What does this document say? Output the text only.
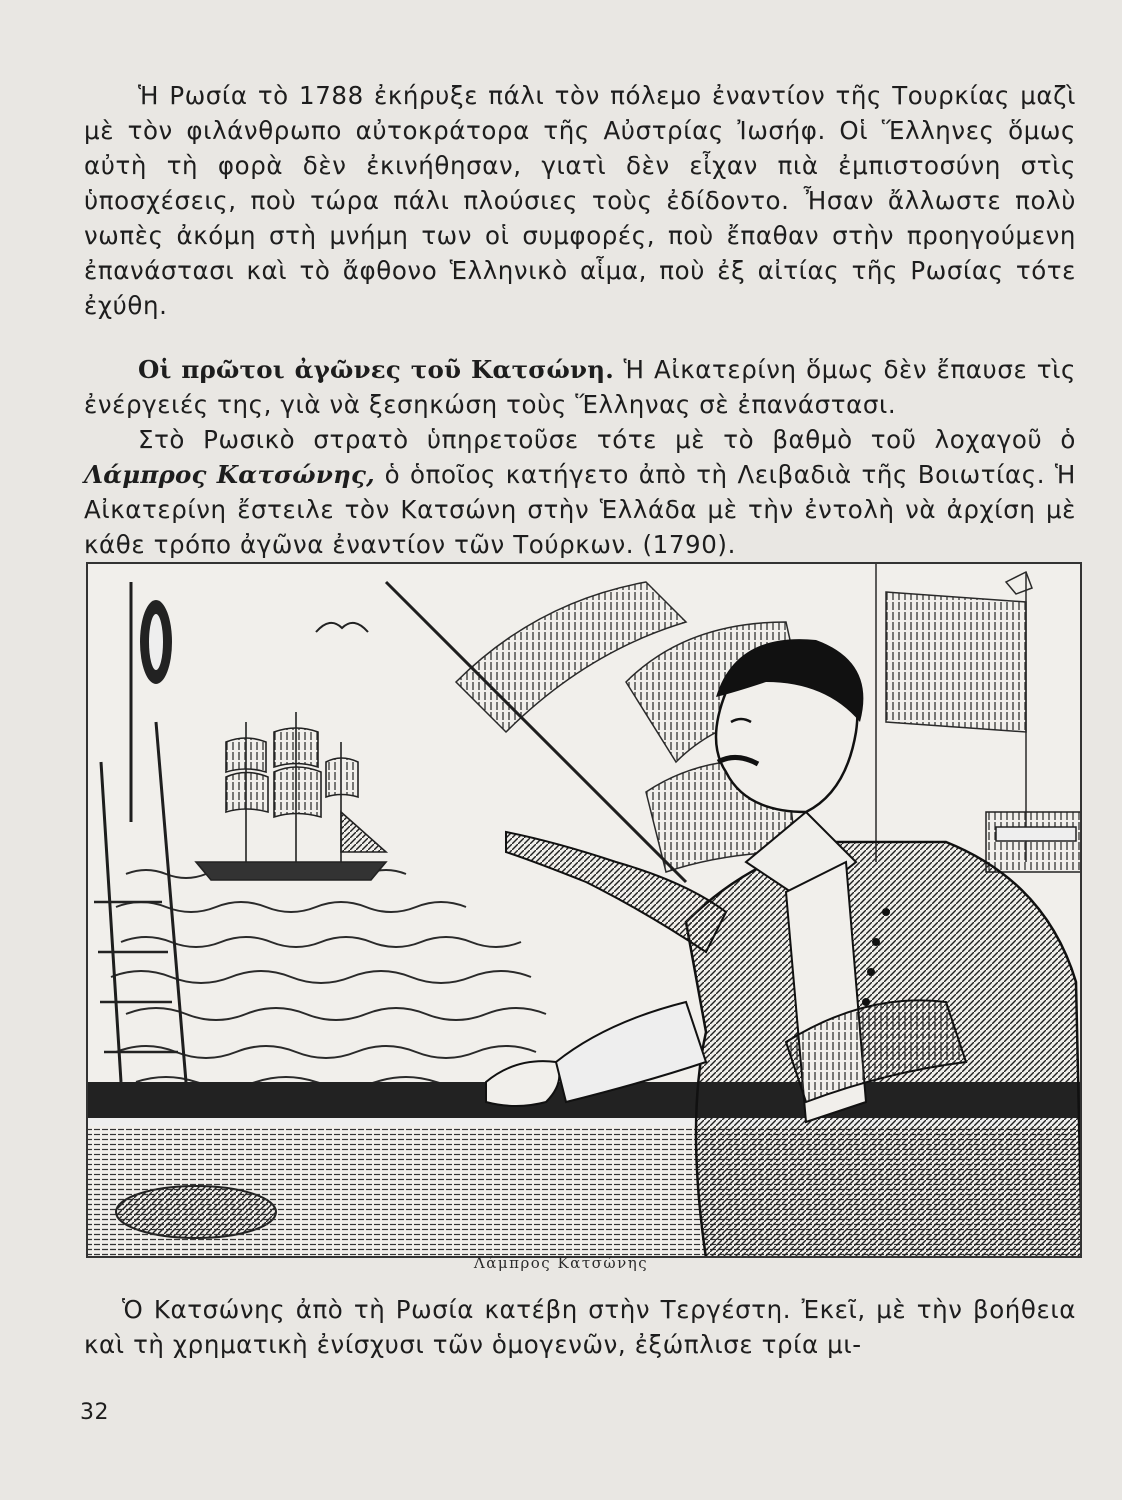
Ἡ Ρωσία τὸ 1788 ἐκήρυξε πάλι τὸν πόλεμο ἐναντίον τῆς Τουρκίας μαζὶ μὲ τὸν φιλάνθρωπο αὐτοκράτορα τῆς Αὐστρίας Ἰωσήφ. Οἱ Ἕλληνες ὅμως αὐτὴ τὴ φορὰ δὲν ἐκινήθησαν, γιατὶ δὲν εἶχαν πιὰ ἐμπιστοσύνη στὶς ὑποσχέσεις, ποὺ τώρα πάλι πλούσιες τοὺς ἐδίδοντο. Ἦσαν ἄλλωστε πολὺ νωπὲς ἀκόμη στὴ μνήμη των οἱ συμφορές, ποὺ ἔπαθαν στὴν προηγούμενη ἐπανάστασι καὶ τὸ ἄφθονο Ἑλληνικὸ αἷμα, ποὺ ἐξ αἰτίας τῆς Ρωσίας τότε ἐχύθη.

Οἱ πρῶτοι ἀγῶνες τοῦ Κατσώνη. Ἡ Αἰκατερίνη ὅμως δὲν ἔπαυσε τὶς ἐνέργειές της, γιὰ νὰ ξεσηκώση τοὺς Ἕλληνας σὲ ἐπανάστασι.

Στὸ Ρωσικὸ στρατὸ ὑπηρετοῦσε τότε μὲ τὸ βαθμὸ τοῦ λοχαγοῦ ὁ Λάμπρος Κατσώνης, ὁ ὁποῖος κατήγετο ἀπὸ τὴ Λειβαδιὰ τῆς Βοιωτίας. Ἡ Αἰκατερίνη ἔστειλε τὸν Κατσώνη στὴν Ἑλλάδα μὲ τὴν ἐντολὴ νὰ ἀρχίση μὲ κάθε τρόπο ἀγῶνα ἐναντίον τῶν Τούρκων. (1790).

Λάμπρος Κατσώνης

Ὁ Κατσώνης ἀπὸ τὴ Ρωσία κατέβη στὴν Τεργέστη. Ἐκεῖ, μὲ τὴν βοήθεια καὶ τὴ χρηματικὴ ἐνίσχυσι τῶν ὁμογενῶν, ἐξώπλισε τρία μι-

32
